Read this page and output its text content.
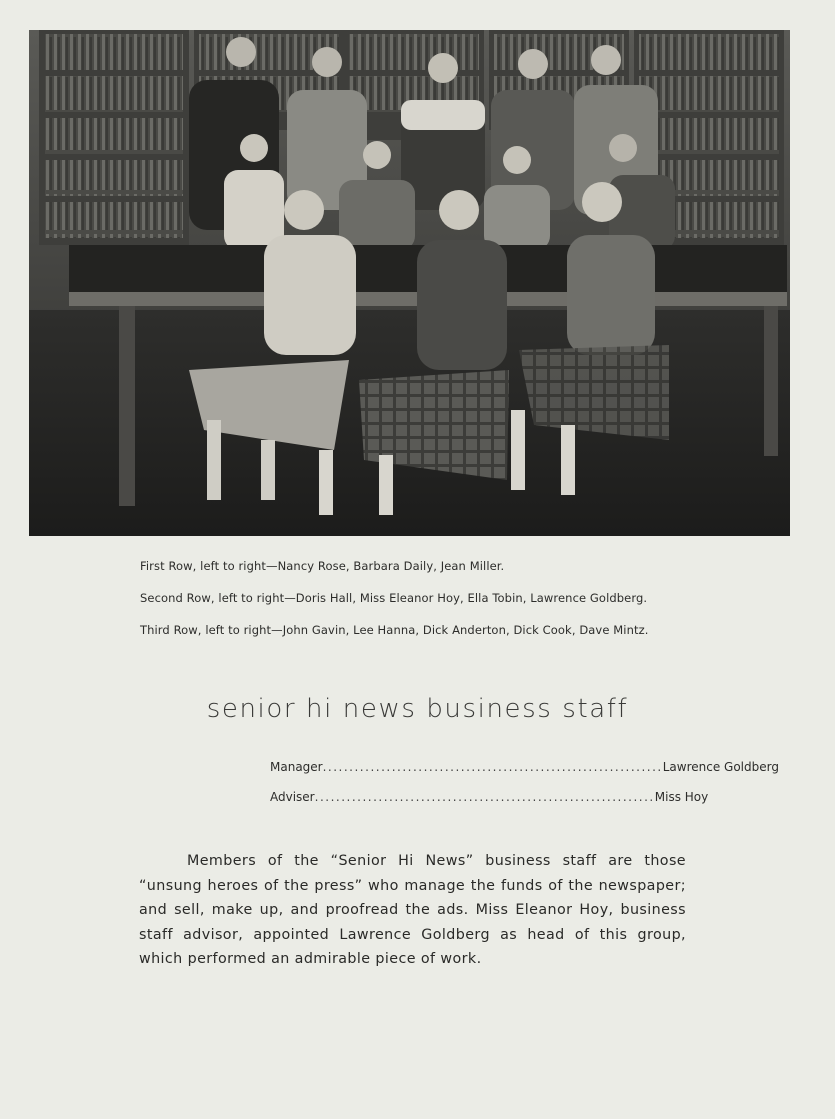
First Row, left to right—Nancy Rose, Barbara Daily, Jean Miller.

Second Row, left to right—Doris Hall, Miss Eleanor Hoy, Ella Tobin, Lawrence Goldberg.

Third Row, left to right—John Gavin, Lee Hanna, Dick Anderton, Dick Cook, Dave Mintz.

senior hi news business staff
Manager ................................................................ Lawrence Goldberg
Adviser ................................................................ Miss Hoy

Members of the “Senior Hi News” business staff are those “unsung heroes of the press” who manage the funds of the newspaper; and sell, make up, and proofread the ads. Miss Eleanor Hoy, business staff advisor, appointed Lawrence Goldberg as head of this group, which performed an admirable piece of work.
